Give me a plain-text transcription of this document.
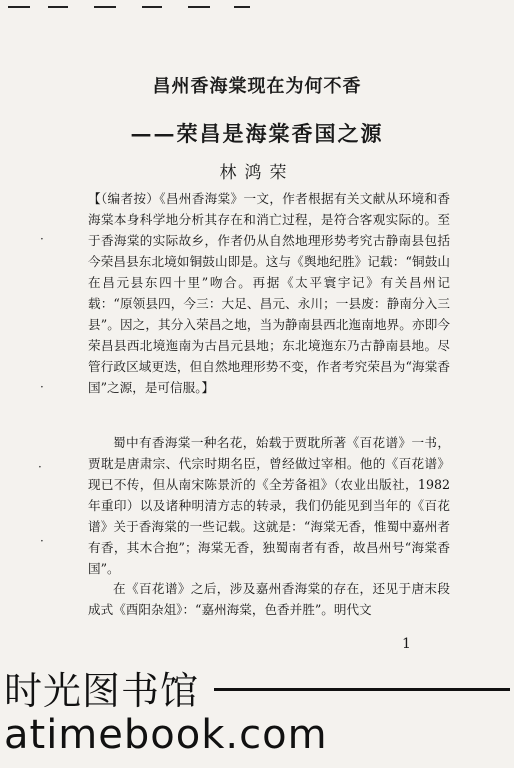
昌州香海棠现在为何不香
——荣昌是海棠香国之源
林鸿荣
【（编者按）《昌州香海棠》一文，作者根据有关文献从环境和香海棠本身科学地分析其存在和消亡过程，是符合客观实际的。至于香海棠的实际故乡，作者仍从自然地理形势考究古静南县包括今荣昌县东北境如铜鼓山即是。这与《舆地纪胜》记载：“铜鼓山在昌元县东四十里”吻合。再据《太平寰宇记》有关昌州记载：“原领县四，今三：大足、昌元、永川；一县废：静南分入三县”。因之，其分入荣昌之地，当为静南县西北迤南地界。亦即今荣昌县西北境迤南为古昌元县地；东北境迤东乃古静南县地。尽管行政区域更迭，但自然地理形势不变，作者考究荣昌为“海棠香国”之源，是可信服。】
蜀中有香海棠一种名花，始载于贾耽所著《百花谱》一书，贾耽是唐肃宗、代宗时期名臣，曾经做过宰相。他的《百花谱》现已不传，但从南宋陈景沂的《全芳备祖》（农业出版社，1982年重印）以及诸种明清方志的转录，我们仍能见到当年的《百花谱》关于香海棠的一些记载。这就是：“海棠无香，惟蜀中嘉州者有香，其木合抱”；海棠无香，独蜀南者有香，故昌州号“海棠香国”。
在《百花谱》之后，涉及嘉州香海棠的存在，还见于唐末段成式《酉阳杂俎》：“嘉州海棠，色香并胜”。明代文
·
·
·
·
1
时光图书馆
atimebook.com
